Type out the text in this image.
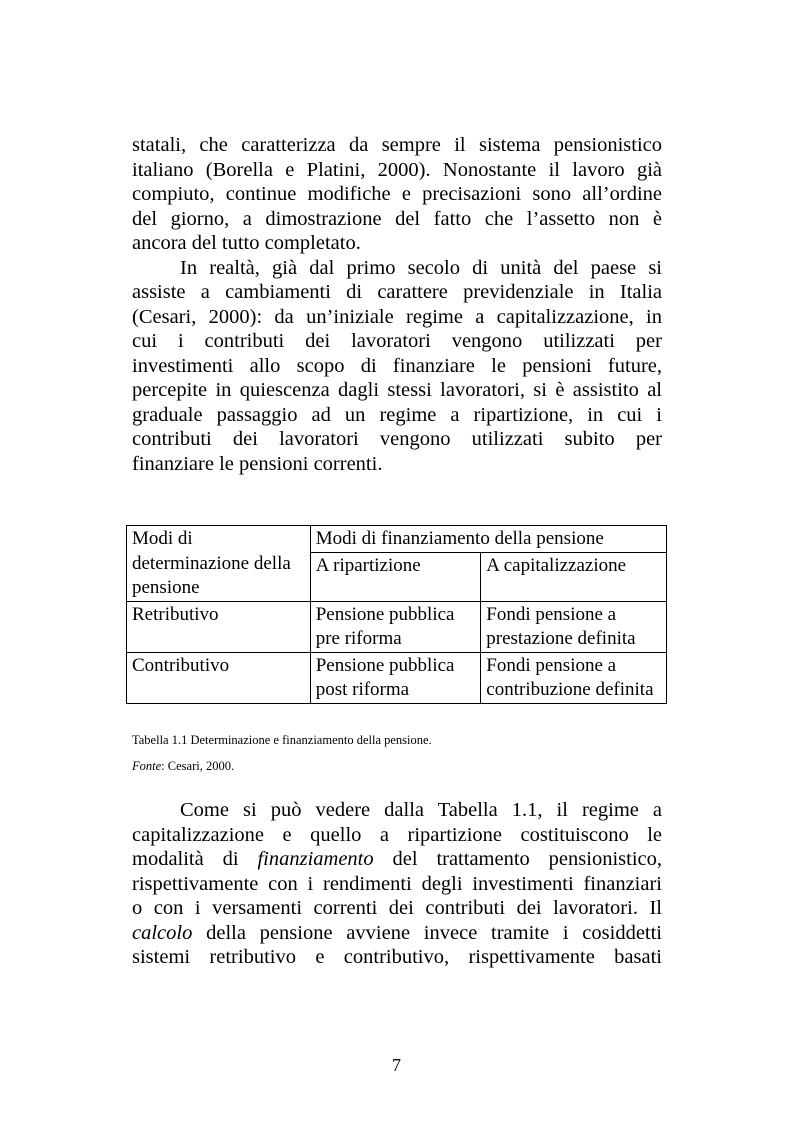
statali, che caratterizza da sempre il sistema pensionistico

italiano (Borella e Platini, 2000). Nonostante il lavoro già

compiuto, continue modifiche e precisazioni sono all’ordine

del giorno, a dimostrazione del fatto che l’assetto non è

ancora del tutto completato.

In realtà, già dal primo secolo di unità del paese si

assiste a cambiamenti di carattere previdenziale in Italia

(Cesari, 2000): da un’iniziale regime a capitalizzazione, in

cui i contributi dei lavoratori vengono utilizzati per

investimenti allo scopo di finanziare le pensioni future,

percepite in quiescenza dagli stessi lavoratori, si è assistito al

graduale passaggio ad un regime a ripartizione, in cui i

contributi dei lavoratori vengono utilizzati subito per

finanziare le pensioni correnti.

Modi di determinazione della pensione	Modi di finanziamento della pensione	
	A ripartizione	A capitalizzazione
Retributivo	Pensione pubblica pre riforma	Fondi pensione a prestazione definita
Contributivo	Pensione pubblica post riforma	Fondi pensione a contribuzione definita
Tabella 1.1 Determinazione e finanziamento della pensione.
Fonte: Cesari, 2000.

Come si può vedere dalla Tabella 1.1, il regime a

capitalizzazione e quello a ripartizione costituiscono le

modalità di finanziamento del trattamento pensionistico,

rispettivamente con i rendimenti degli investimenti finanziari

o con i versamenti correnti dei contributi dei lavoratori. Il

calcolo della pensione avviene invece tramite i cosiddetti

sistemi retributivo e contributivo, rispettivamente basati

7
